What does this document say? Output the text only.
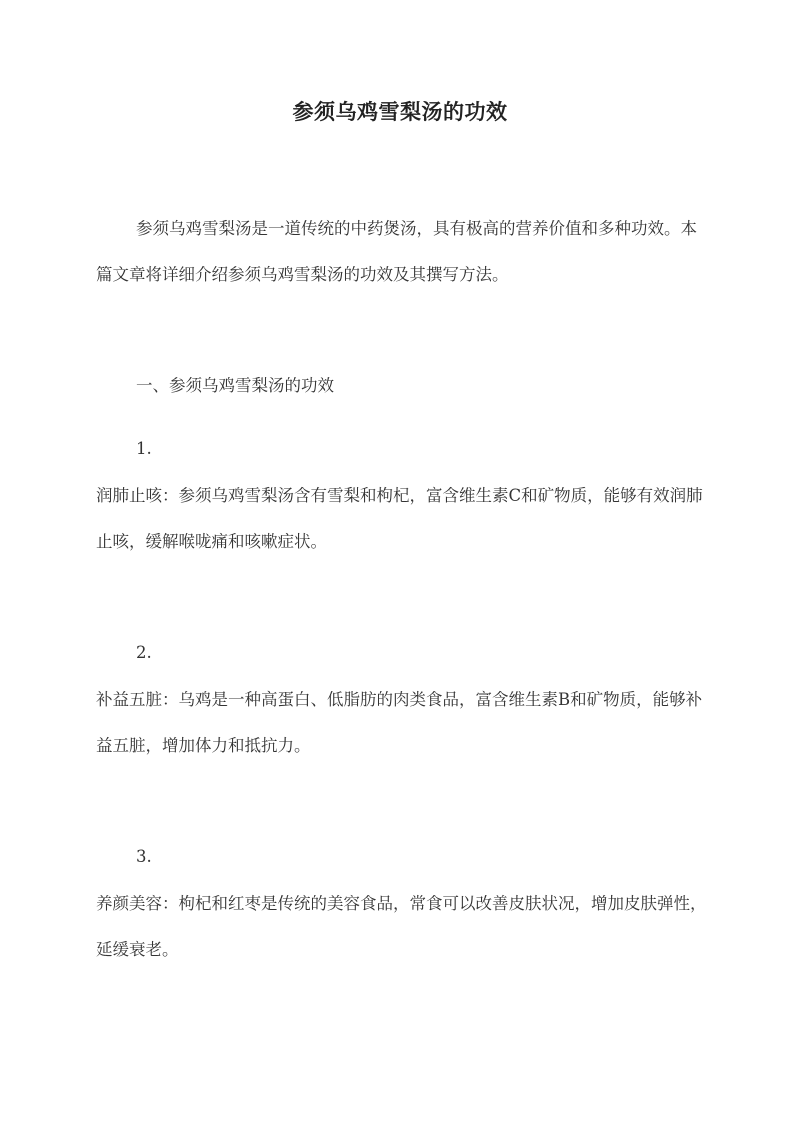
参须乌鸡雪梨汤的功效

参须乌鸡雪梨汤是一道传统的中药煲汤，具有极高的营养价值和多种功效。本篇文章将详细介绍参须乌鸡雪梨汤的功效及其撰写方法。

一、参须乌鸡雪梨汤的功效
1.

润肺止咳：参须乌鸡雪梨汤含有雪梨和枸杞，富含维生素C和矿物质，能够有效润肺止咳，缓解喉咙痛和咳嗽症状。

2.

补益五脏：乌鸡是一种高蛋白、低脂肪的肉类食品，富含维生素B和矿物质，能够补益五脏，增加体力和抵抗力。

3.

养颜美容：枸杞和红枣是传统的美容食品，常食可以改善皮肤状况，增加皮肤弹性，延缓衰老。
